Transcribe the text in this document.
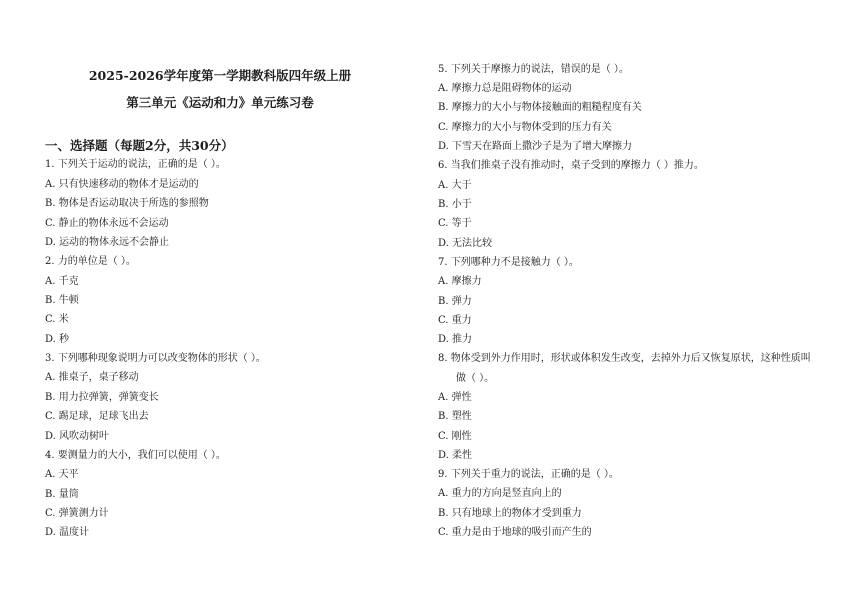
2025-2026学年度第一学期教科版四年级上册
第三单元《运动和力》单元练习卷
一、选择题（每题2分，共30分）
1. 下列关于运动的说法，正确的是（ ）。
A. 只有快速移动的物体才是运动的
B. 物体是否运动取决于所选的参照物
C. 静止的物体永远不会运动
D. 运动的物体永远不会静止
2. 力的单位是（ ）。
A. 千克
B. 牛顿
C. 米
D. 秒
3. 下列哪种现象说明力可以改变物体的形状（ ）。
A. 推桌子，桌子移动
B. 用力拉弹簧，弹簧变长
C. 踢足球，足球飞出去
D. 风吹动树叶
4. 要测量力的大小，我们可以使用（ ）。
A. 天平
B. 量筒
C. 弹簧测力计
D. 温度计
5. 下列关于摩擦力的说法，错误的是（ ）。
A. 摩擦力总是阻碍物体的运动
B. 摩擦力的大小与物体接触面的粗糙程度有关
C. 摩擦力的大小与物体受到的压力有关
D. 下雪天在路面上撒沙子是为了增大摩擦力
6. 当我们推桌子没有推动时，桌子受到的摩擦力（ ）推力。
A. 大于
B. 小于
C. 等于
D. 无法比较
7. 下列哪种力不是接触力（ ）。
A. 摩擦力
B. 弹力
C. 重力
D. 推力
8. 物体受到外力作用时，形状或体积发生改变，去掉外力后又恢复原状，这种性质叫
做（ ）。
A. 弹性
B. 塑性
C. 刚性
D. 柔性
9. 下列关于重力的说法，正确的是（ ）。
A. 重力的方向是竖直向上的
B. 只有地球上的物体才受到重力
C. 重力是由于地球的吸引而产生的
